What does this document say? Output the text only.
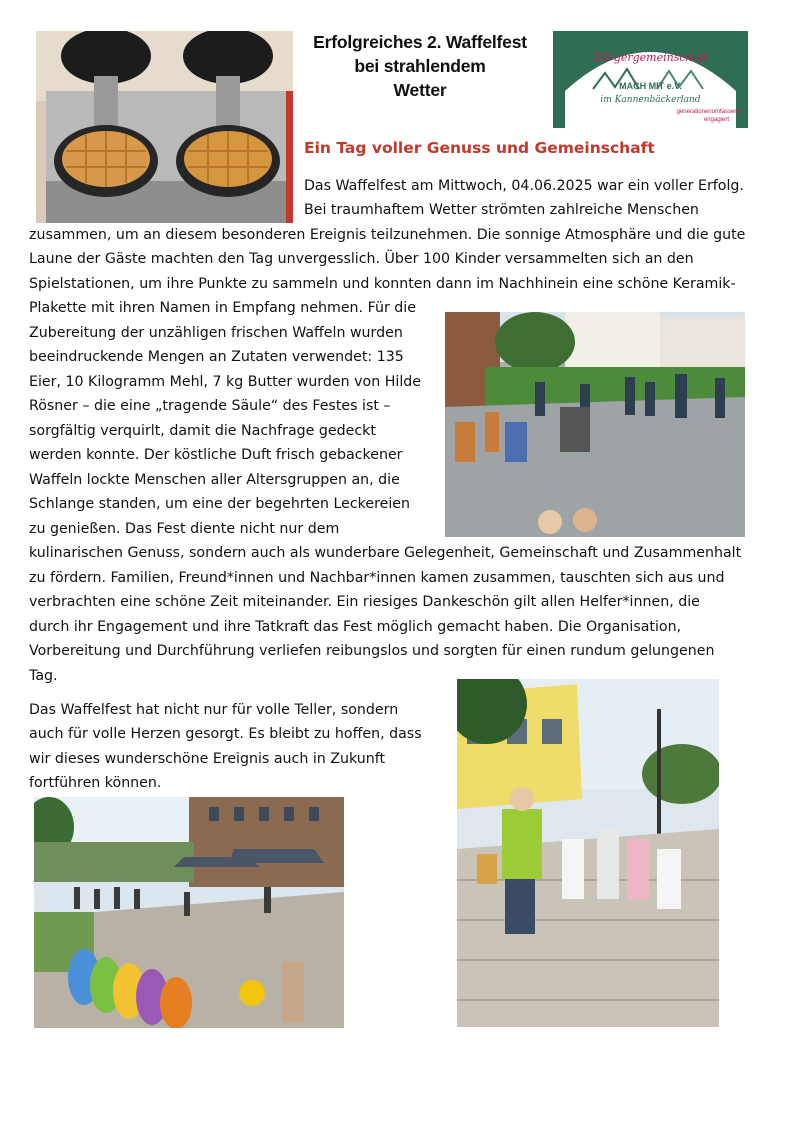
Erfolgreiches 2. Waffelfest
bei strahlendem
Wetter
Bürgergemeinschaft
MACH MIT e.V.
im Kannenbäckerland
generationenumfassend
engagiert
Ein Tag voller Genuss und Gemeinschaft
Das Waffelfest am Mittwoch, 04.06.2025 war ein voller Erfolg.
Bei traumhaftem Wetter strömten zahlreiche Menschen
zusammen, um an diesem besonderen Ereignis teilzunehmen. Die sonnige Atmosphäre und die gute
Laune der Gäste machten den Tag unvergesslich. Über 100 Kinder versammelten sich an den
Spielstationen, um ihre Punkte zu sammeln und konnten dann im Nachhinein eine schöne Keramik-
Plakette mit ihren Namen in Empfang nehmen. Für die
Zubereitung der unzähligen frischen Waffeln wurden
beeindruckende Mengen an Zutaten verwendet: 135
Eier, 10 Kilogramm Mehl, 7 kg Butter wurden von Hilde
Rösner – die eine „tragende Säule“ des Festes ist –
sorgfältig verquirlt, damit die Nachfrage gedeckt
werden konnte. Der köstliche Duft frisch gebackener
Waffeln lockte Menschen aller Altersgruppen an, die
Schlange standen, um eine der begehrten Leckereien
zu genießen. Das Fest diente nicht nur dem
kulinarischen Genuss, sondern auch als wunderbare Gelegenheit, Gemeinschaft und Zusammenhalt
zu fördern. Familien, Freund*innen und Nachbar*innen kamen zusammen, tauschten sich aus und
verbrachten eine schöne Zeit miteinander. Ein riesiges Dankeschön gilt allen Helfer*innen, die
durch ihr Engagement und ihre Tatkraft das Fest möglich gemacht haben. Die Organisation,
Vorbereitung und Durchführung verliefen reibungslos und sorgten für einen rundum gelungenen
Tag.
Das Waffelfest hat nicht nur für volle Teller, sondern
auch für volle Herzen gesorgt. Es bleibt zu hoffen, dass
wir dieses wunderschöne Ereignis auch in Zukunft
fortführen können.
